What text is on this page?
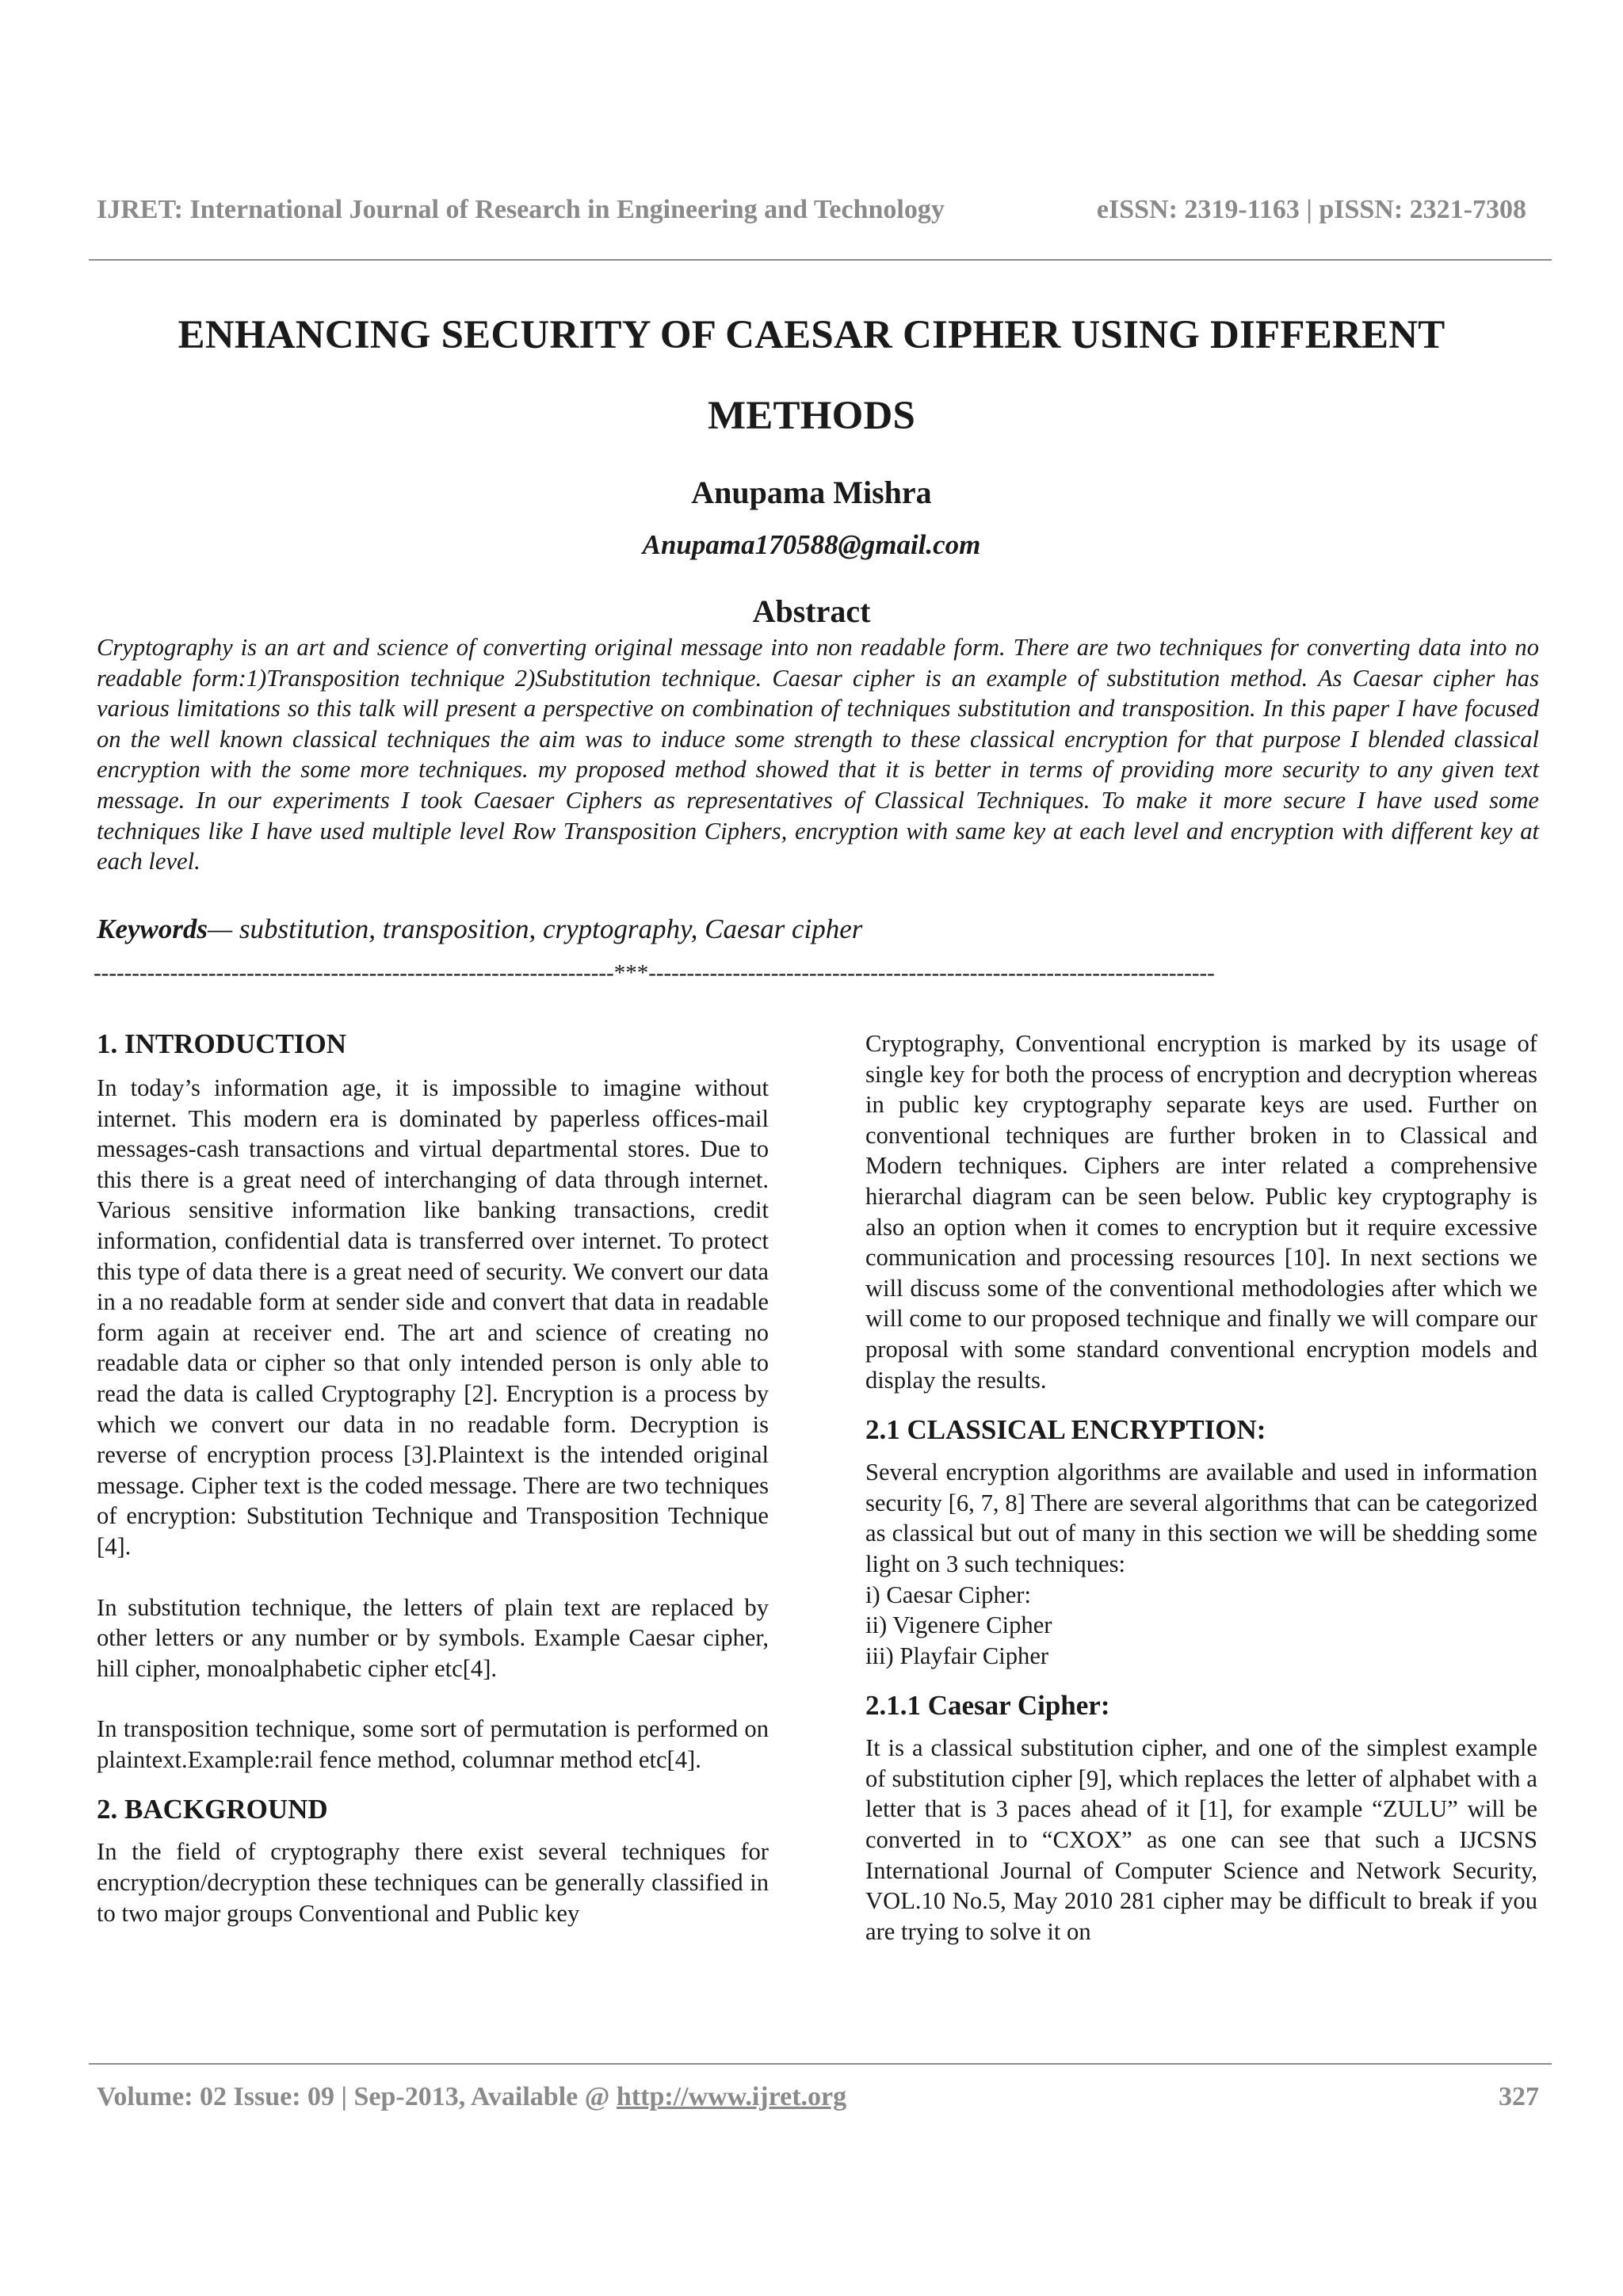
IJRET: International Journal of Research in Engineering and Technology	eISSN: 2319-1163 | pISSN: 2321-7308
ENHANCING SECURITY OF CAESAR CIPHER USING DIFFERENT
METHODS
Anupama Mishra
Anupama170588@gmail.com
Abstract

Cryptography is an art and science of converting original message into non readable form. There are two techniques for converting data into no readable form:1)Transposition technique 2)Substitution technique. Caesar cipher is an example of substitution method. As Caesar cipher has various limitations so this talk will present a perspective on combination of techniques substitution and transposition. In this paper I have focused on the well known classical techniques the aim was to induce some strength to these classical encryption for that purpose I blended classical encryption with the some more techniques. my proposed method showed that it is better in terms of providing more security to any given text message. In our experiments I took Caesaer Ciphers as representatives of Classical Techniques. To make it more secure I have used some techniques like I have used multiple level Row Transposition Ciphers, encryption with same key at each level and encryption with different key at each level.

Keywords— substitution, transposition, cryptography, Caesar cipher
--------------------------------------------------------------------***--------------------------------------------------------------------------
1. INTRODUCTION

In today’s information age, it is impossible to imagine without internet. This modern era is dominated by paperless offices-mail messages-cash transactions and virtual departmental stores. Due to this there is a great need of interchanging of data through internet. Various sensitive information like banking transactions, credit information, confidential data is transferred over internet. To protect this type of data there is a great need of security. We convert our data in a no readable form at sender side and convert that data in readable form again at receiver end. The art and science of creating no readable data or cipher so that only intended person is only able to read the data is called Cryptography [2]. Encryption is a process by which we convert our data in no readable form. Decryption is reverse of encryption process [3].Plaintext is the intended original message. Cipher text is the coded message. There are two techniques of encryption: Substitution Technique and Transposition Technique [4].

In substitution technique, the letters of plain text are replaced by other letters or any number or by symbols. Example Caesar cipher, hill cipher, monoalphabetic cipher etc[4].

In transposition technique, some sort of permutation is performed on plaintext.Example:rail fence method, columnar method etc[4].

2. BACKGROUND

In the field of cryptography there exist several techniques for encryption/decryption these techniques can be generally classified in to two major groups Conventional and Public key

Cryptography, Conventional encryption is marked by its usage of single key for both the process of encryption and decryption whereas in public key cryptography separate keys are used. Further on conventional techniques are further broken in to Classical and Modern techniques. Ciphers are inter related a comprehensive hierarchal diagram can be seen below. Public key cryptography is also an option when it comes to encryption but it require excessive communication and processing resources [10]. In next sections we will discuss some of the conventional methodologies after which we will come to our proposed technique and finally we will compare our proposal with some standard conventional encryption models and display the results.

2.1 CLASSICAL ENCRYPTION:

Several encryption algorithms are available and used in information security [6, 7, 8] There are several algorithms that can be categorized as classical but out of many in this section we will be shedding some light on 3 such techniques:

i) Caesar Cipher:
ii) Vigenere Cipher
iii) Playfair Cipher
2.1.1 Caesar Cipher:

It is a classical substitution cipher, and one of the simplest example of substitution cipher [9], which replaces the letter of alphabet with a letter that is 3 paces ahead of it [1], for example “ZULU” will be converted in to “CXOX” as one can see that such a IJCSNS International Journal of Computer Science and Network Security, VOL.10 No.5, May 2010 281 cipher may be difficult to break if you are trying to solve it on

Volume: 02 Issue: 09 | Sep-2013, Available @ http://www.ijret.org	327
